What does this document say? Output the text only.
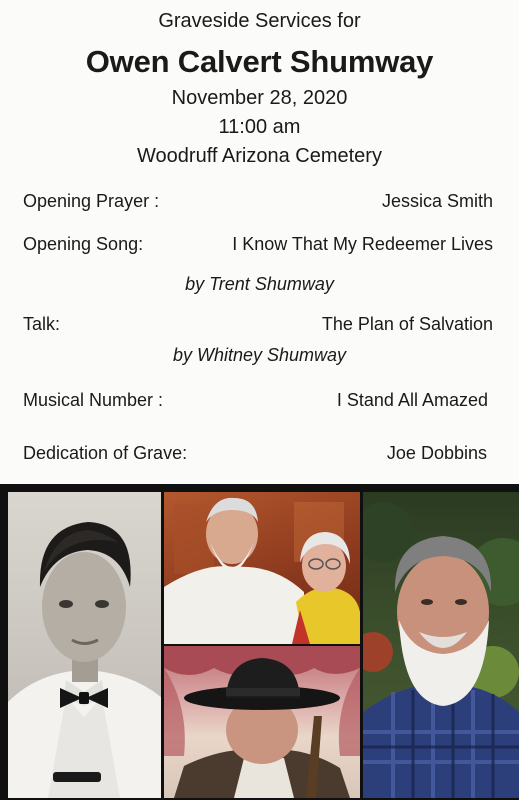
Graveside Services for
Owen Calvert Shumway
November 28, 2020
11:00 am
Woodruff Arizona Cemetery
Opening Prayer :	Jessica Smith
Opening Song:	I Know That My Redeemer Lives
by Trent Shumway
Talk:	The Plan of Salvation
by Whitney Shumway
Musical Number :	I Stand All Amazed
Dedication of Grave:	Joe Dobbins
